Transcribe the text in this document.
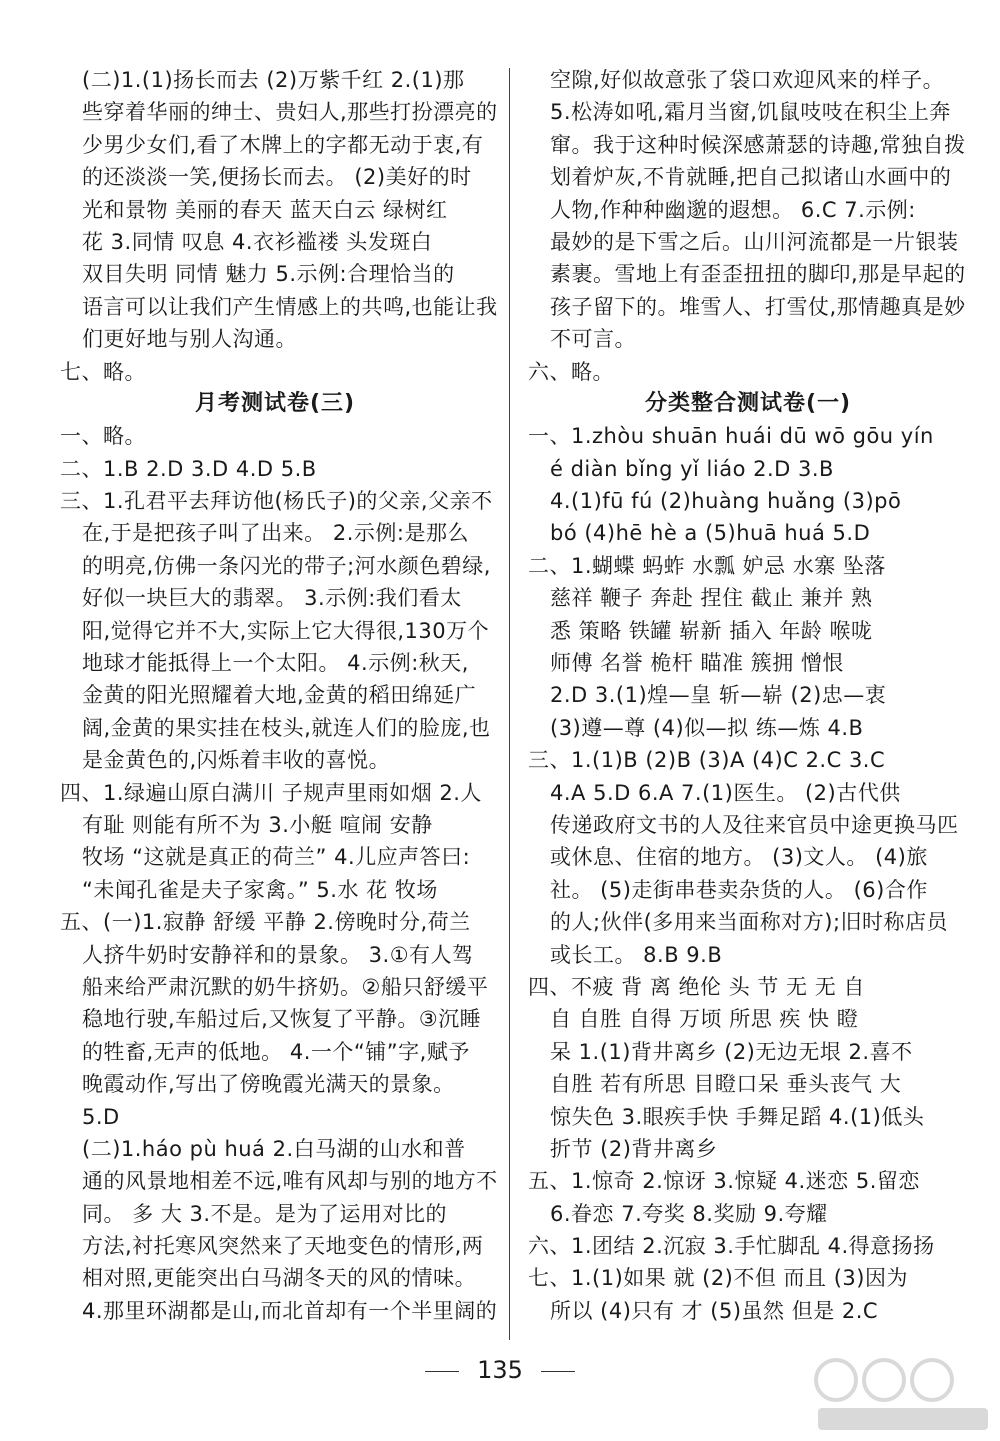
(二)1.(1)扬长而去 (2)万紫千红 2.(1)那
些穿着华丽的绅士、贵妇人,那些打扮漂亮的
少男少女们,看了木牌上的字都无动于衷,有
的还淡淡一笑,便扬长而去。 (2)美好的时
光和景物 美丽的春天 蓝天白云 绿树红
花 3.同情 叹息 4.衣衫褴褛 头发斑白
双目失明 同情 魅力 5.示例:合理恰当的
语言可以让我们产生情感上的共鸣,也能让我
们更好地与别人沟通。
七、略。
月考测试卷(三)
一、略。
二、1.B 2.D 3.D 4.D 5.B
三、1.孔君平去拜访他(杨氏子)的父亲,父亲不
在,于是把孩子叫了出来。 2.示例:是那么
的明亮,仿佛一条闪光的带子;河水颜色碧绿,
好似一块巨大的翡翠。 3.示例:我们看太
阳,觉得它并不大,实际上它大得很,130万个
地球才能抵得上一个太阳。 4.示例:秋天,
金黄的阳光照耀着大地,金黄的稻田绵延广
阔,金黄的果实挂在枝头,就连人们的脸庞,也
是金黄色的,闪烁着丰收的喜悦。
四、1.绿遍山原白满川 子规声里雨如烟 2.人
有耻 则能有所不为 3.小艇 喧闹 安静
牧场 “这就是真正的荷兰” 4.儿应声答曰:
“未闻孔雀是夫子家禽。” 5.水 花 牧场
五、(一)1.寂静 舒缓 平静 2.傍晚时分,荷兰
人挤牛奶时安静祥和的景象。 3.①有人驾
船来给严肃沉默的奶牛挤奶。②船只舒缓平
稳地行驶,车船过后,又恢复了平静。③沉睡
的牲畜,无声的低地。 4.一个“铺”字,赋予
晚霞动作,写出了傍晚霞光满天的景象。
5.D
(二)1.háo pù huá 2.白马湖的山水和普
通的风景地相差不远,唯有风却与别的地方不
同。 多 大 3.不是。是为了运用对比的
方法,衬托寒风突然来了天地变色的情形,两
相对照,更能突出白马湖冬天的风的情味。
4.那里环湖都是山,而北首却有一个半里阔的
空隙,好似故意张了袋口欢迎风来的样子。
5.松涛如吼,霜月当窗,饥鼠吱吱在积尘上奔
窜。我于这种时候深感萧瑟的诗趣,常独自拨
划着炉灰,不肯就睡,把自己拟诸山水画中的
人物,作种种幽邈的遐想。 6.C 7.示例:
最妙的是下雪之后。山川河流都是一片银装
素裹。雪地上有歪歪扭扭的脚印,那是早起的
孩子留下的。堆雪人、打雪仗,那情趣真是妙
不可言。
六、略。
分类整合测试卷(一)
一、1.zhòu shuān huái dū wō gōu yín
é diàn bǐng yǐ liáo 2.D 3.B
4.(1)fū fú (2)huàng huǎng (3)pō
bó (4)hē hè a (5)huā huá 5.D
二、1.蝴蝶 蚂蚱 水瓢 妒忌 水寨 坠落
慈祥 鞭子 奔赴 捏住 截止 兼并 熟
悉 策略 铁罐 崭新 插入 年龄 喉咙
师傅 名誉 桅杆 瞄准 簇拥 憎恨
2.D 3.(1)煌—皇 斩—崭 (2)忠—衷
(3)遵—尊 (4)似—拟 练—炼 4.B
三、1.(1)B (2)B (3)A (4)C 2.C 3.C
4.A 5.D 6.A 7.(1)医生。 (2)古代供
传递政府文书的人及往来官员中途更换马匹
或休息、住宿的地方。 (3)文人。 (4)旅
社。 (5)走街串巷卖杂货的人。 (6)合作
的人;伙伴(多用来当面称对方);旧时称店员
或长工。 8.B 9.B
四、不疲 背 离 绝伦 头 节 无 无 自
自 自胜 自得 万顷 所思 疾 快 瞪
呆 1.(1)背井离乡 (2)无边无垠 2.喜不
自胜 若有所思 目瞪口呆 垂头丧气 大
惊失色 3.眼疾手快 手舞足蹈 4.(1)低头
折节 (2)背井离乡
五、1.惊奇 2.惊讶 3.惊疑 4.迷恋 5.留恋
6.眷恋 7.夸奖 8.奖励 9.夸耀
六、1.团结 2.沉寂 3.手忙脚乱 4.得意扬扬
七、1.(1)如果 就 (2)不但 而且 (3)因为
所以 (4)只有 才 (5)虽然 但是 2.C
135
